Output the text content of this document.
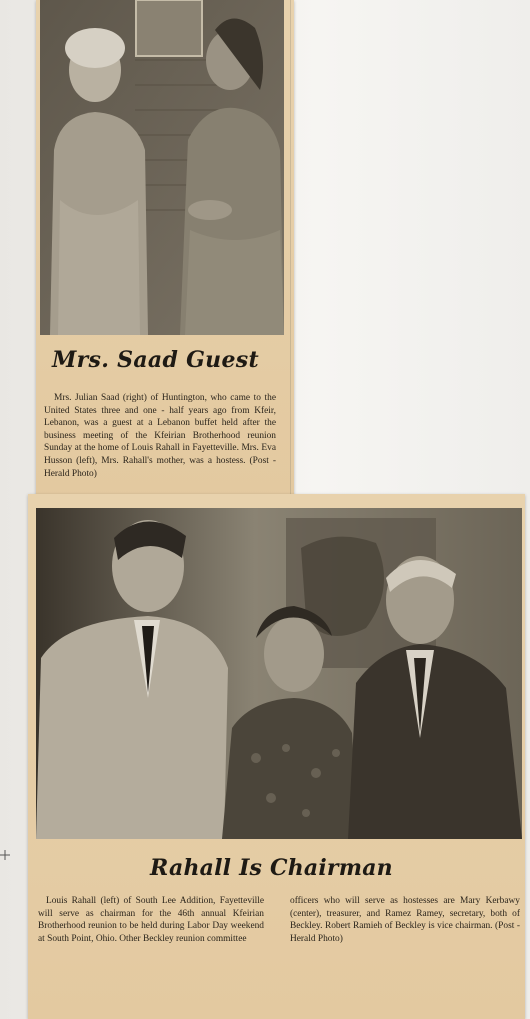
Mrs. Saad Guest

Mrs. Julian Saad (right) of Huntington, who came to the United States three and one - half years ago from Kfeir, Lebanon, was a guest at a Lebanon buffet held after the business meeting of the Kfeirian Brotherhood reunion Sunday at the home of Louis Rahall in Fayetteville. Mrs. Eva Husson (left), Mrs. Rahall's mother, was a hostess. (Post - Herald Photo)

Rahall Is Chairman

Louis Rahall (left) of South Lee Addition, Fayetteville will serve as chairman for the 46th annual Kfeirian Brotherhood reunion to be held during Labor Day weekend at South Point, Ohio. Other Beckley reunion committee

officers who will serve as hostesses are Mary Kerbawy (center), treasurer, and Ramez Ramey, secretary, both of Beckley. Robert Ramieh of Beckley is vice chairman. (Post - Herald Photo)
